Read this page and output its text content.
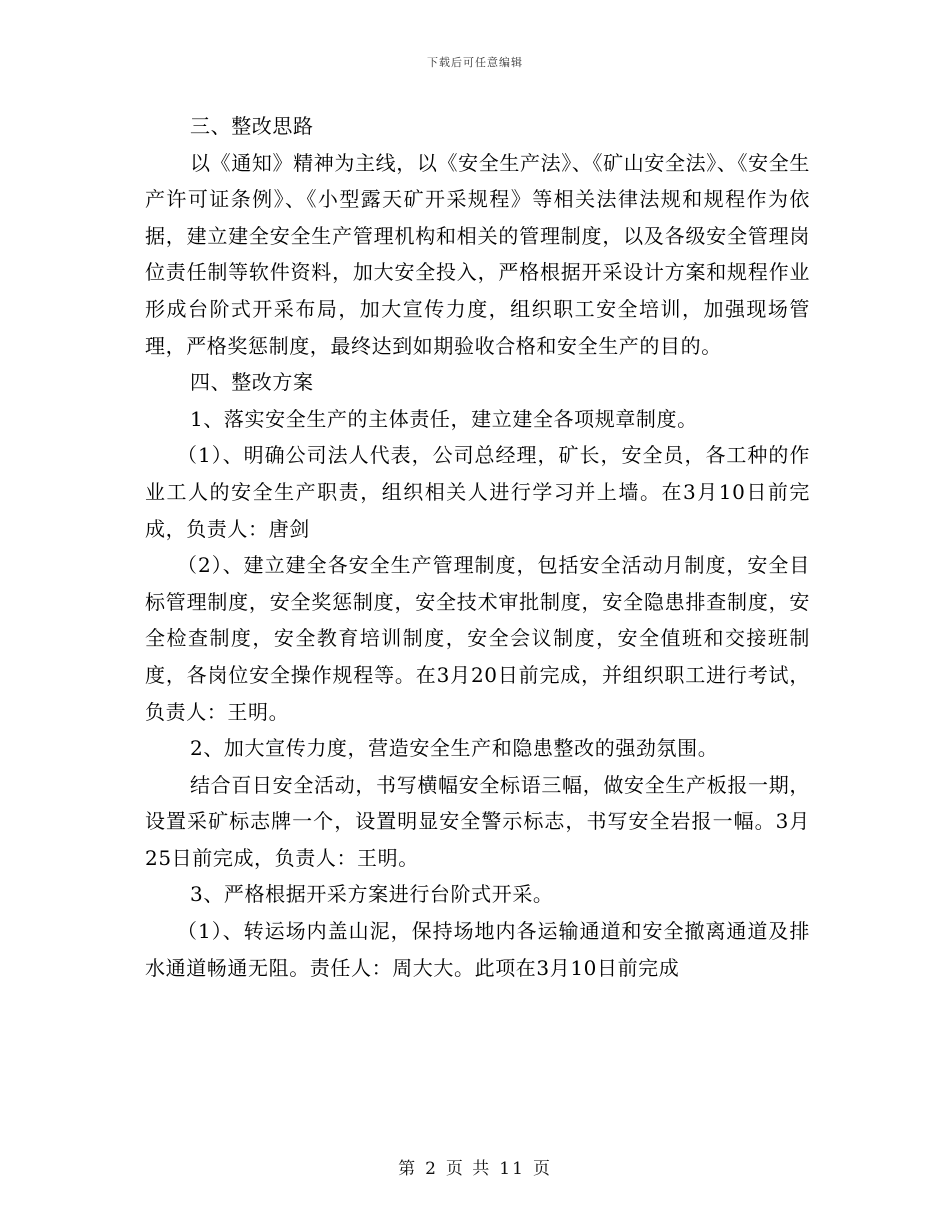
下载后可任意编辑

三、整改思路

以《通知》精神为主线，以《安全生产法》、《矿山安全法》、《安全生产许可证条例》、《小型露天矿开采规程》等相关法律法规和规程作为依据，建立建全安全生产管理机构和相关的管理制度，以及各级安全管理岗位责任制等软件资料，加大安全投入，严格根据开采设计方案和规程作业形成台阶式开采布局，加大宣传力度，组织职工安全培训，加强现场管理，严格奖惩制度，最终达到如期验收合格和安全生产的目的。

四、整改方案

1、落实安全生产的主体责任，建立建全各项规章制度。

（1）、明确公司法人代表，公司总经理，矿长，安全员，各工种的作业工人的安全生产职责，组织相关人进行学习并上墙。在3月10日前完成，负责人：唐剑

（2）、建立建全各安全生产管理制度，包括安全活动月制度，安全目标管理制度，安全奖惩制度，安全技术审批制度，安全隐患排查制度，安全检查制度，安全教育培训制度，安全会议制度，安全值班和交接班制度，各岗位安全操作规程等。在3月20日前完成，并组织职工进行考试，负责人：王明。

2、加大宣传力度，营造安全生产和隐患整改的强劲氛围。

结合百日安全活动，书写横幅安全标语三幅，做安全生产板报一期，设置采矿标志牌一个，设置明显安全警示标志，书写安全岩报一幅。3月25日前完成，负责人：王明。

3、严格根据开采方案进行台阶式开采。

（1）、转运场内盖山泥，保持场地内各运输通道和安全撤离通道及排水通道畅通无阻。责任人：周大大。此项在3月10日前完成

第 2 页 共 11 页
